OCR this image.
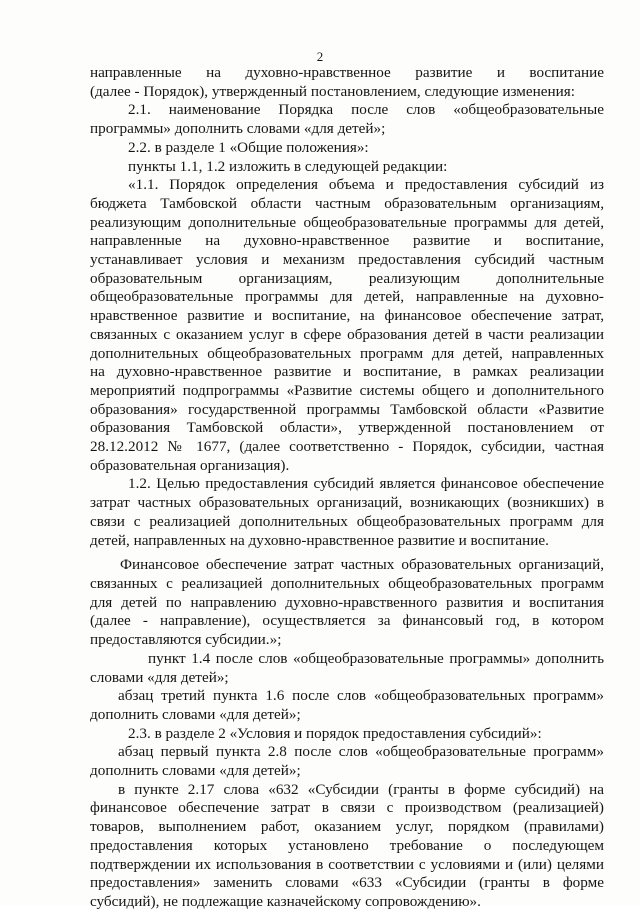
2
направленные на духовно-нравственное развитие и воспитание
(далее - Порядок), утвержденный постановлением, следующие изменения:
2.1. наименование Порядка после слов «общеобразовательные
программы» дополнить словами «для детей»;
2.2. в разделе 1 «Общие положения»:
пункты 1.1, 1.2 изложить в следующей редакции:
«1.1. Порядок определения объема и предоставления субсидий из
бюджета Тамбовской области частным образовательным организациям,
реализующим дополнительные общеобразовательные программы для детей,
направленные на духовно-нравственное развитие и воспитание,
устанавливает условия и механизм предоставления субсидий частным
образовательным организациям, реализующим дополнительные
общеобразовательные программы для детей, направленные на духовно-
нравственное развитие и воспитание, на финансовое обеспечение затрат,
связанных с оказанием услуг в сфере образования детей в части реализации
дополнительных общеобразовательных программ для детей, направленных
на духовно-нравственное развитие и воспитание, в рамках реализации
мероприятий подпрограммы «Развитие системы общего и дополнительного
образования» государственной программы Тамбовской области «Развитие
образования Тамбовской области», утвержденной постановлением от
28.12.2012 № 1677, (далее соответственно - Порядок, субсидии, частная
образовательная организация).
1.2. Целью предоставления субсидий является финансовое обеспечение
затрат частных образовательных организаций, возникающих (возникших) в
связи с реализацией дополнительных общеобразовательных программ для
детей, направленных на духовно-нравственное развитие и воспитание.
Финансовое обеспечение затрат частных образовательных организаций,
связанных с реализацией дополнительных общеобразовательных программ
для детей по направлению духовно-нравственного развития и воспитания
(далее - направление), осуществляется за финансовый год, в котором
предоставляются субсидии.»;
пункт 1.4 после слов «общеобразовательные программы» дополнить
словами «для детей»;
абзац третий пункта 1.6 после слов «общеобразовательных программ»
дополнить словами «для детей»;
2.3. в разделе 2 «Условия и порядок предоставления субсидий»:
абзац первый пункта 2.8 после слов «общеобразовательные программ»
дополнить словами «для детей»;
в пункте 2.17 слова «632 «Субсидии (гранты в форме субсидий) на
финансовое обеспечение затрат в связи с производством (реализацией)
товаров, выполнением работ, оказанием услуг, порядком (правилами)
предоставления которых установлено требование о последующем
подтверждении их использования в соответствии с условиями и (или) целями
предоставления» заменить словами «633 «Субсидии (гранты в форме
субсидий), не подлежащие казначейскому сопровождению».
